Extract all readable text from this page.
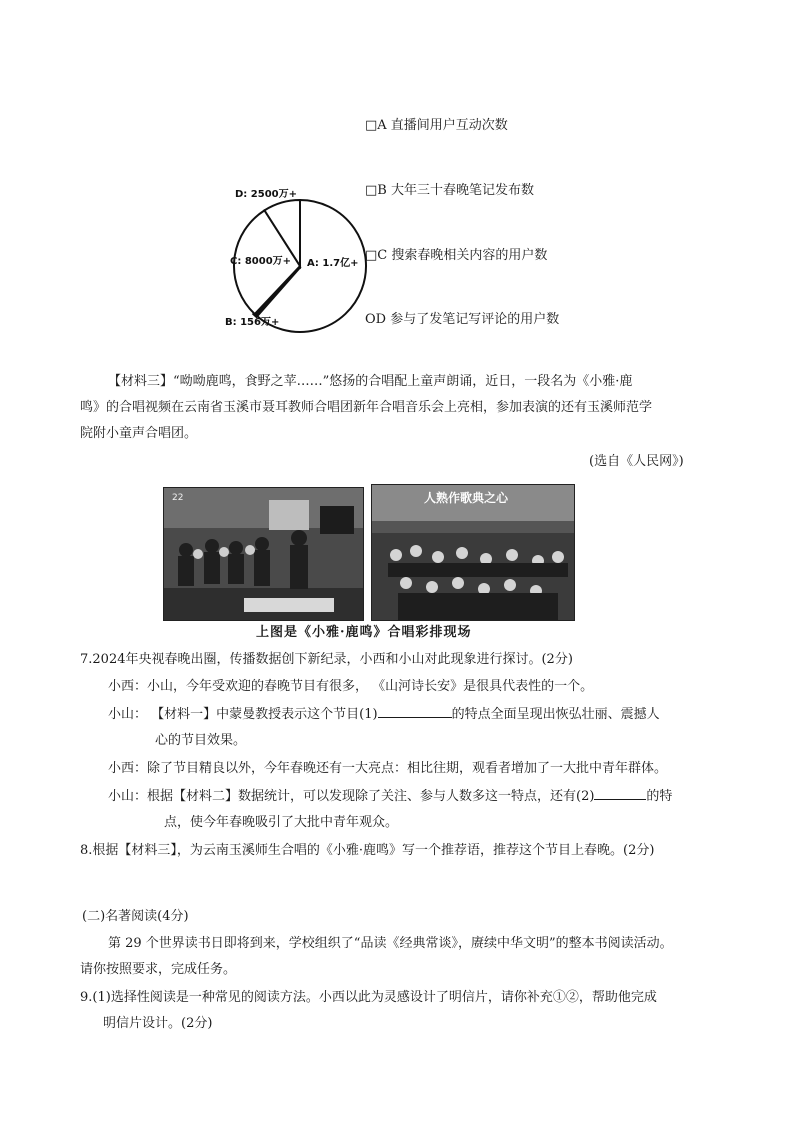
A: 1.7亿+
C: 8000万+
D: 2500万+
B: 156万+
□A 直播间用户互动次数
□B 大年三十春晚笔记发布数
□C 搜索春晚相关内容的用户数
OD 参与了发笔记写评论的用户数
【材料三】“呦呦鹿鸣，食野之苹……”悠扬的合唱配上童声朗诵，近日，一段名为《小雅·鹿
鸣》的合唱视频在云南省玉溪市聂耳教师合唱团新年合唱音乐会上亮相，参加表演的还有玉溪师范学
院附小童声合唱团。
(选自《人民网》)
22	人熟作歌典之心
上图是《小雅·鹿鸣》合唱彩排现场
7.2024年央视春晚出圈，传播数据创下新纪录，小西和小山对此现象进行探讨。(2分)
小西：小山，今年受欢迎的春晚节目有很多， 《山河诗长安》是很具代表性的一个。
小山： 【材料一】中蒙曼教授表示这个节目(1)	的特点全面呈现出恢弘壮丽、震撼人
心的节目效果。
小西：除了节目精良以外，今年春晚还有一大亮点：相比往期，观看者增加了一大批中青年群体。
小山：根据【材料二】数据统计，可以发现除了关注、参与人数多这一特点，还有(2)	的特
点，使今年春晚吸引了大批中青年观众。
8.根据【材料三】，为云南玉溪师生合唱的《小雅·鹿鸣》写一个推荐语，推荐这个节目上春晚。(2分)
(二)名著阅读(4分)
第 29 个世界读书日即将到来，学校组织了“品读《经典常谈》，赓续中华文明”的整本书阅读活动。
请你按照要求，完成任务。
9.(1)选择性阅读是一种常见的阅读方法。小西以此为灵感设计了明信片，请你补充①②，帮助他完成
明信片设计。(2分)
